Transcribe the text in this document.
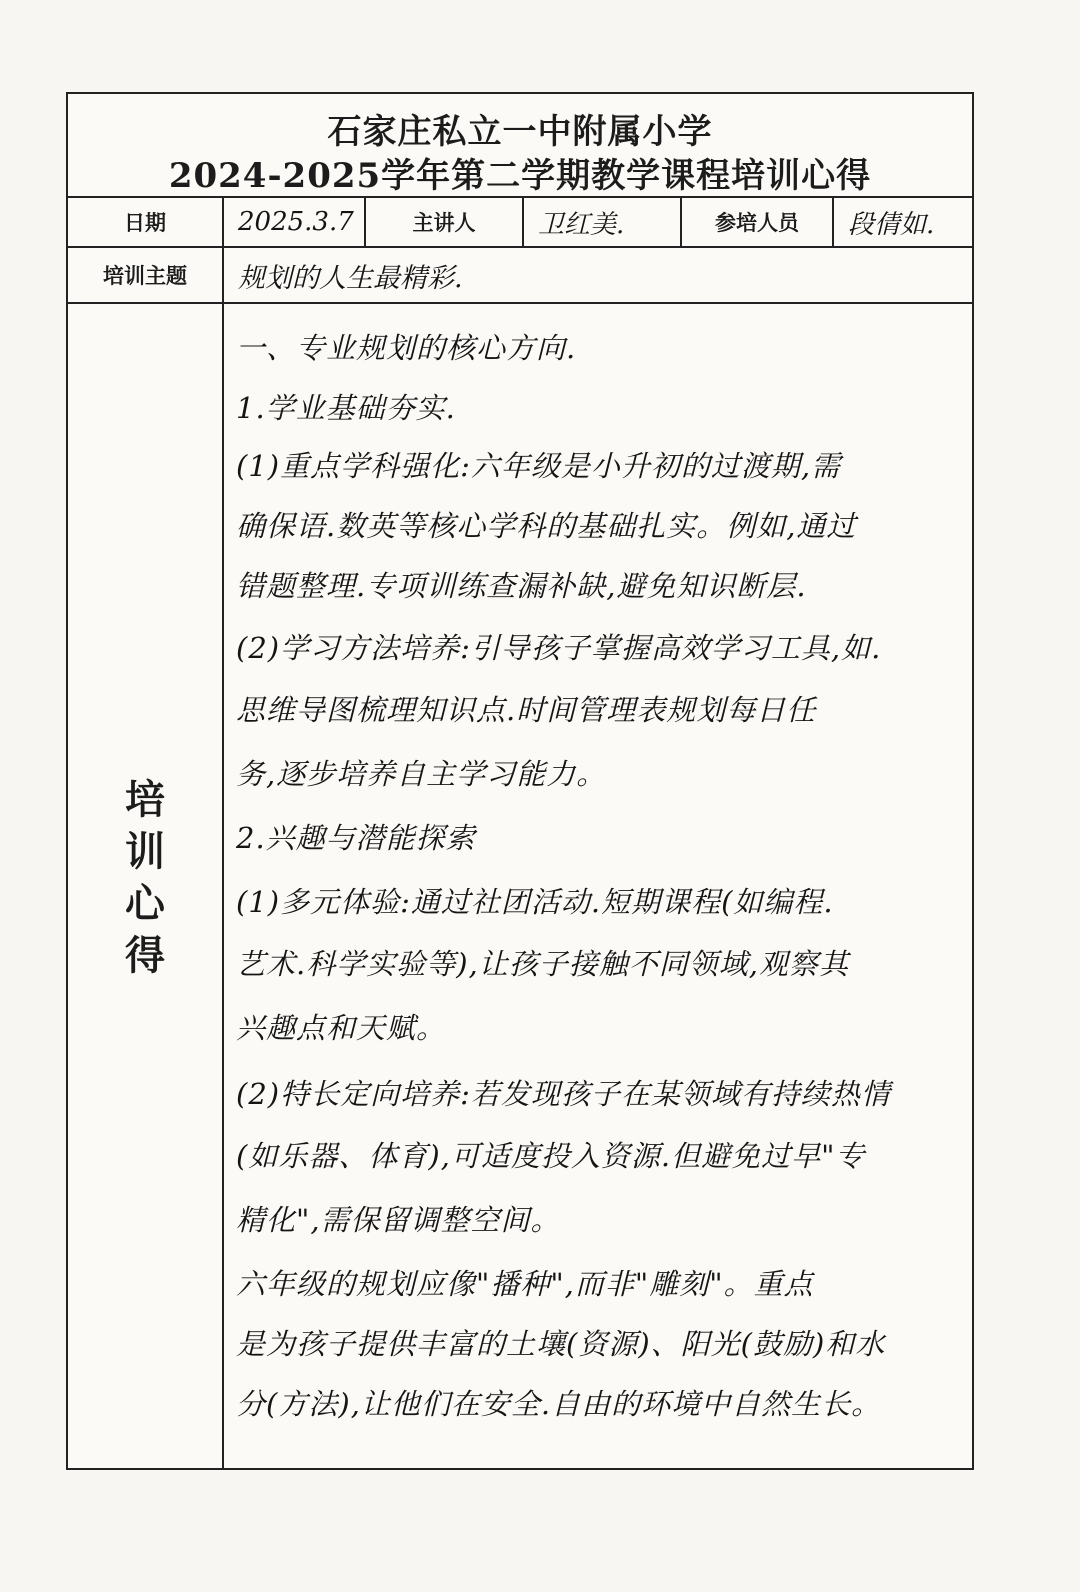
石家庄私立一中附属小学
2024-2025学年第二学期教学课程培训心得
日期	2025.3.7	主讲人	卫红美.	参培人员	段倩如.
培训主题	规划的人生最精彩.
培
训
心
得
一、专业规划的核心方向.
1.学业基础夯实.
(1)重点学科强化:六年级是小升初的过渡期,需
确保语.数英等核心学科的基础扎实。例如,通过
错题整理.专项训练查漏补缺,避免知识断层.
(2)学习方法培养:引导孩子掌握高效学习工具,如.
思维导图梳理知识点.时间管理表规划每日任
务,逐步培养自主学习能力。
2.兴趣与潜能探索
(1)多元体验:通过社团活动.短期课程(如编程.
艺术.科学实验等),让孩子接触不同领域,观察其
兴趣点和天赋。
(2)特长定向培养:若发现孩子在某领域有持续热情
(如乐器、体育),可适度投入资源.但避免过早"专
精化",需保留调整空间。
六年级的规划应像"播种",而非"雕刻"。重点
是为孩子提供丰富的土壤(资源)、阳光(鼓励)和水
分(方法),让他们在安全.自由的环境中自然生长。
